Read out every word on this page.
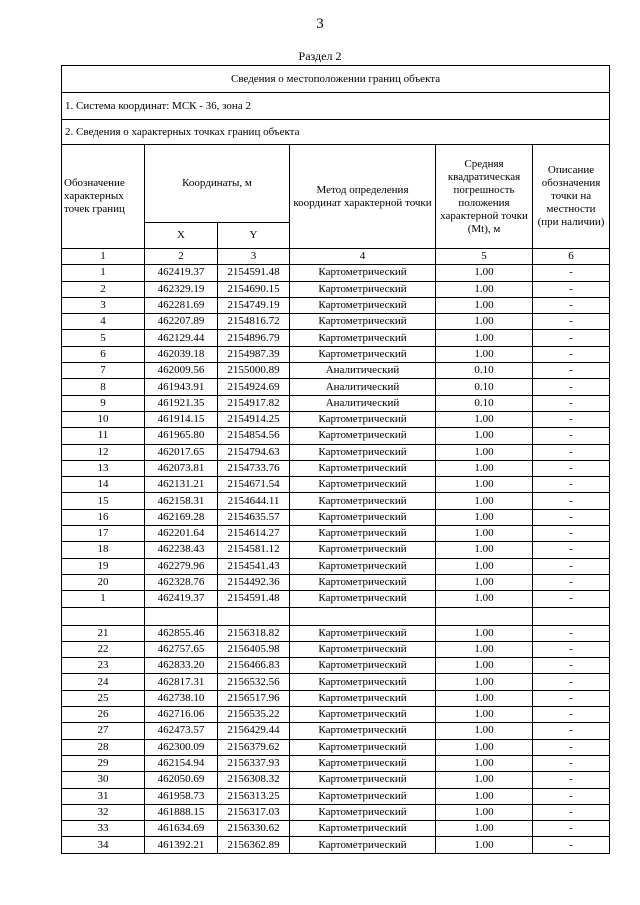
3
Раздел 2
Сведения о местоположении границ объекта					
1. Система координат: МСК - 36, зона 2					
2. Сведения о характерных точках границ объекта					
Обозначение характерных точек границ	Координаты, м		Метод определения координат характерной точки	Средняя квадратическая погрешность положения характерной точки (Mt), м	Описание обозначения точки на местности (при наличии)
	X	Y			
1	2	3	4	5	6
1	462419.37	2154591.48	Картометрический	1.00	-
2	462329.19	2154690.15	Картометрический	1.00	-
3	462281.69	2154749.19	Картометрический	1.00	-
4	462207.89	2154816.72	Картометрический	1.00	-
5	462129.44	2154896.79	Картометрический	1.00	-
6	462039.18	2154987.39	Картометрический	1.00	-
7	462009.56	2155000.89	Аналитический	0.10	-
8	461943.91	2154924.69	Аналитический	0.10	-
9	461921.35	2154917.82	Аналитический	0.10	-
10	461914.15	2154914.25	Картометрический	1.00	-
11	461965.80	2154854.56	Картометрический	1.00	-
12	462017.65	2154794.63	Картометрический	1.00	-
13	462073.81	2154733.76	Картометрический	1.00	-
14	462131.21	2154671.54	Картометрический	1.00	-
15	462158.31	2154644.11	Картометрический	1.00	-
16	462169.28	2154635.57	Картометрический	1.00	-
17	462201.64	2154614.27	Картометрический	1.00	-
18	462238.43	2154581.12	Картометрический	1.00	-
19	462279.96	2154541.43	Картометрический	1.00	-
20	462328.76	2154492.36	Картометрический	1.00	-
1	462419.37	2154591.48	Картометрический	1.00	-

21	462855.46	2156318.82	Картометрический	1.00	-
22	462757.65	2156405.98	Картометрический	1.00	-
23	462833.20	2156466.83	Картометрический	1.00	-
24	462817.31	2156532.56	Картометрический	1.00	-
25	462738.10	2156517.96	Картометрический	1.00	-
26	462716.06	2156535.22	Картометрический	1.00	-
27	462473.57	2156429.44	Картометрический	1.00	-
28	462300.09	2156379.62	Картометрический	1.00	-
29	462154.94	2156337.93	Картометрический	1.00	-
30	462050.69	2156308.32	Картометрический	1.00	-
31	461958.73	2156313.25	Картометрический	1.00	-
32	461888.15	2156317.03	Картометрический	1.00	-
33	461634.69	2156330.62	Картометрический	1.00	-
34	461392.21	2156362.89	Картометрический	1.00	-
